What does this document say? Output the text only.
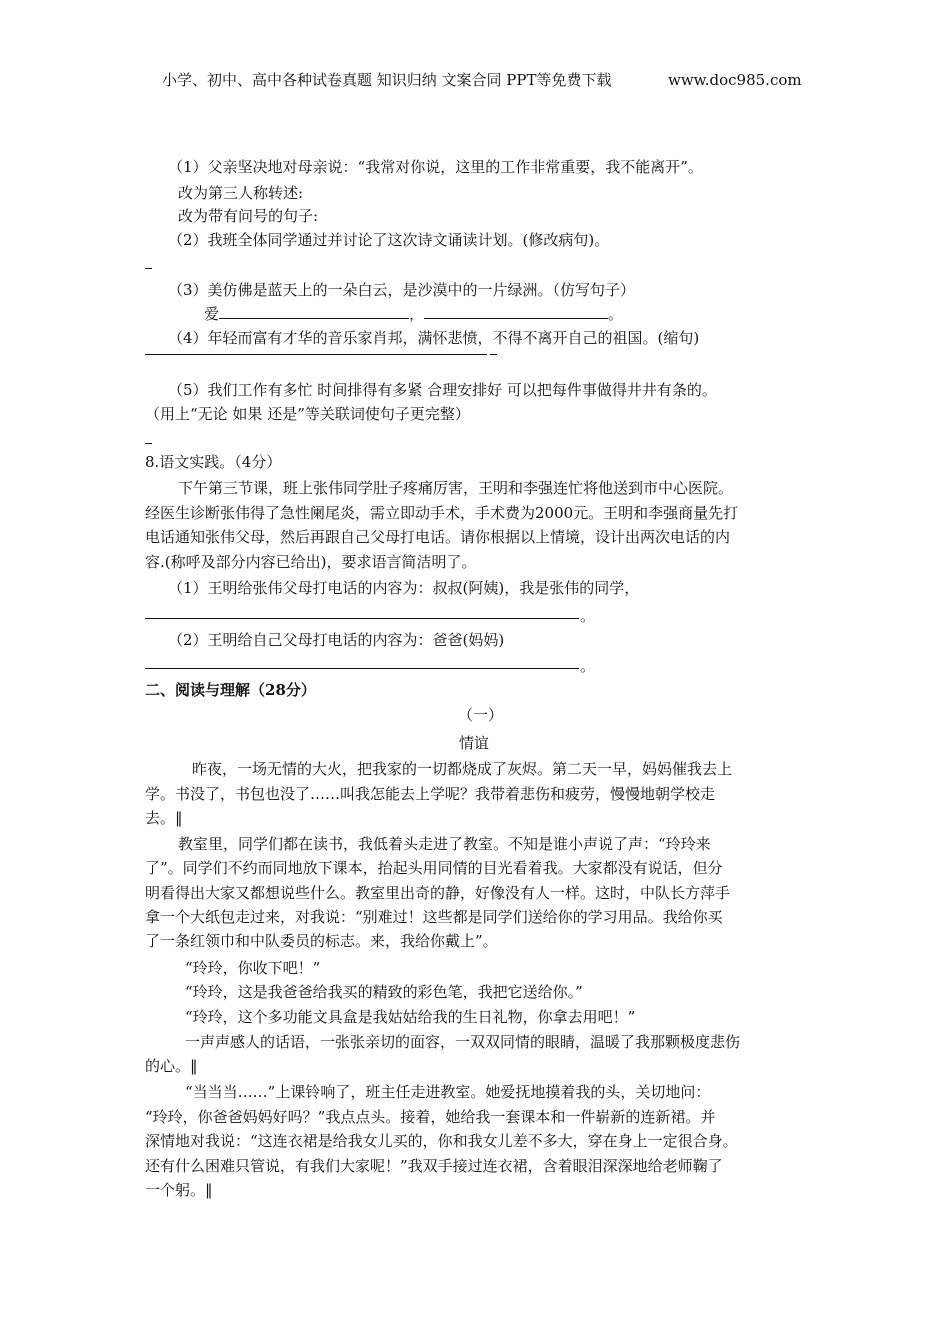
小学、初中、高中各种试卷真题 知识归纳 文案合同 PPT等免费下载	www.doc985.com
（1）父亲坚决地对母亲说：“我常对你说，这里的工作非常重要，我不能离开”。
改为第三人称转述:
改为带有问号的句子:
（2）我班全体同学通过并讨论了这次诗文诵读计划。(修改病句)。
（3）美仿佛是蓝天上的一朵白云，是沙漠中的一片绿洲。（仿写句子）
爱	，	。
（4）年轻而富有才华的音乐家肖邦，满怀悲愤，不得不离开自己的祖国。(缩句)
（5）我们工作有多忙 时间排得有多紧 合理安排好 可以把每件事做得井井有条的。
（用上“无论 如果 还是”等关联词使句子更完整）
8.语文实践。（4分）
下午第三节课，班上张伟同学肚子疼痛厉害，王明和李强连忙将他送到市中心医院。
经医生诊断张伟得了急性阑尾炎，需立即动手术，手术费为2000元。王明和李强商量先打
电话通知张伟父母，然后再跟自己父母打电话。请你根据以上情境，设计出两次电话的内
容.(称呼及部分内容已给出)，要求语言简洁明了。
（1）王明给张伟父母打电话的内容为：叔叔(阿姨)，我是张伟的同学，
。
（2）王明给自己父母打电话的内容为：爸爸(妈妈)
。
二、阅读与理解（28分）
（一）
情谊
昨夜，一场无情的大火，把我家的一切都烧成了灰烬。第二天一早，妈妈催我去上
学。书没了，书包也没了……叫我怎能去上学呢？我带着悲伤和疲劳，慢慢地朝学校走
去。‖
教室里，同学们都在读书，我低着头走进了教室。不知是谁小声说了声：“玲玲来
了”。同学们不约而同地放下课本，抬起头用同情的目光看着我。大家都没有说话，但分
明看得出大家又都想说些什么。教室里出奇的静，好像没有人一样。这时，中队长方萍手
拿一个大纸包走过来，对我说：“别难过！这些都是同学们送给你的学习用品。我给你买
了一条红领巾和中队委员的标志。来，我给你戴上”。
“玲玲，你收下吧！”
“玲玲，这是我爸爸给我买的精致的彩色笔，我把它送给你。”
“玲玲，这个多功能文具盒是我姑姑给我的生日礼物，你拿去用吧！”
一声声感人的话语，一张张亲切的面容，一双双同情的眼睛，温暖了我那颗极度悲伤
的心。‖
“当当当……”上课铃响了，班主任走进教室。她爱抚地摸着我的头，关切地问：
“玲玲，你爸爸妈妈好吗？”我点点头。接着，她给我一套课本和一件崭新的连新裙。并
深情地对我说：“这连衣裙是给我女儿买的，你和我女儿差不多大，穿在身上一定很合身。
还有什么困难只管说，有我们大家呢！”我双手接过连衣裙，含着眼泪深深地给老师鞠了
一个躬。‖
